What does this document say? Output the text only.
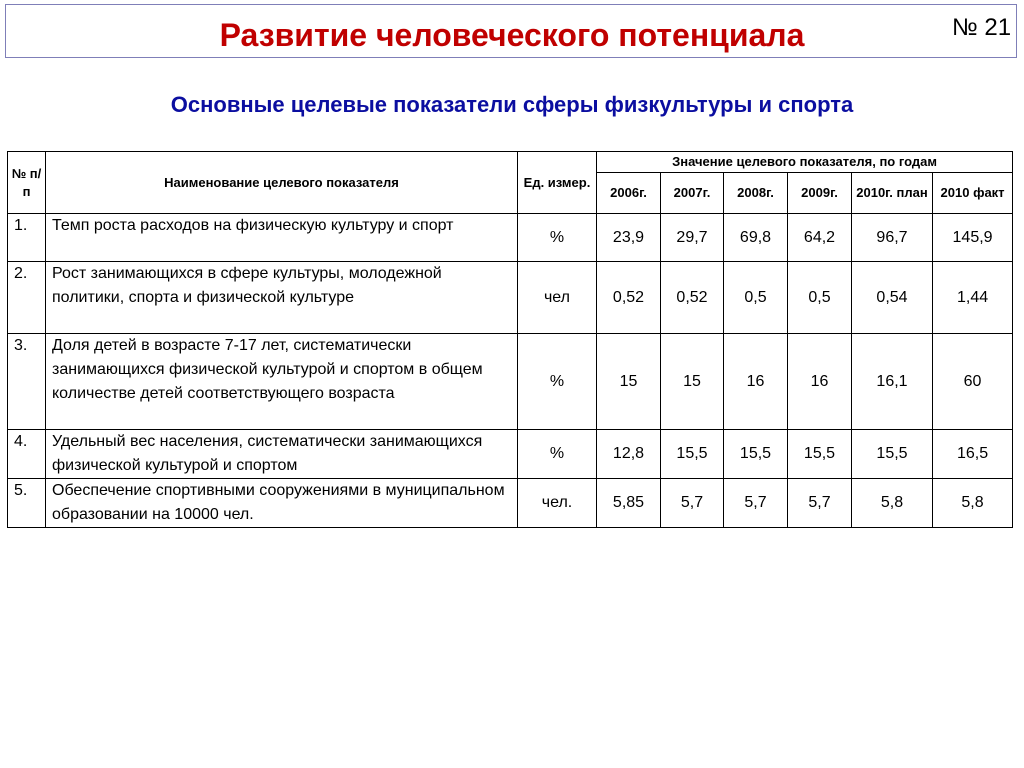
Развитие человеческого потенциала	№ 21
Основные целевые показатели сферы физкультуры и спорта
№ п/п	Наименование целевого показателя	Ед. измер.	Значение целевого показателя, по годам					
			2006г.	2007г.	2008г.	2009г.	2010г. план	2010 факт
1.	Темп роста расходов на физическую культуру и спорт	%	23,9	29,7	69,8	64,2	96,7	145,9
2.	Рост занимающихся в сфере культуры, молодежной политики, спорта и физической культуре	чел	0,52	0,52	0,5	0,5	0,54	1,44
3.	Доля детей в возрасте 7-17 лет, систематически занимающихся физической культурой и спортом в общем количестве детей соответствующего возраста	%	15	15	16	16	16,1	60
4.	Удельный вес населения, систематически занимающихся физической культурой и спортом	%	12,8	15,5	15,5	15,5	15,5	16,5
5.	Обеспечение спортивными сооружениями в муниципальном образовании на 10000 чел.	чел.	5,85	5,7	5,7	5,7	5,8	5,8
